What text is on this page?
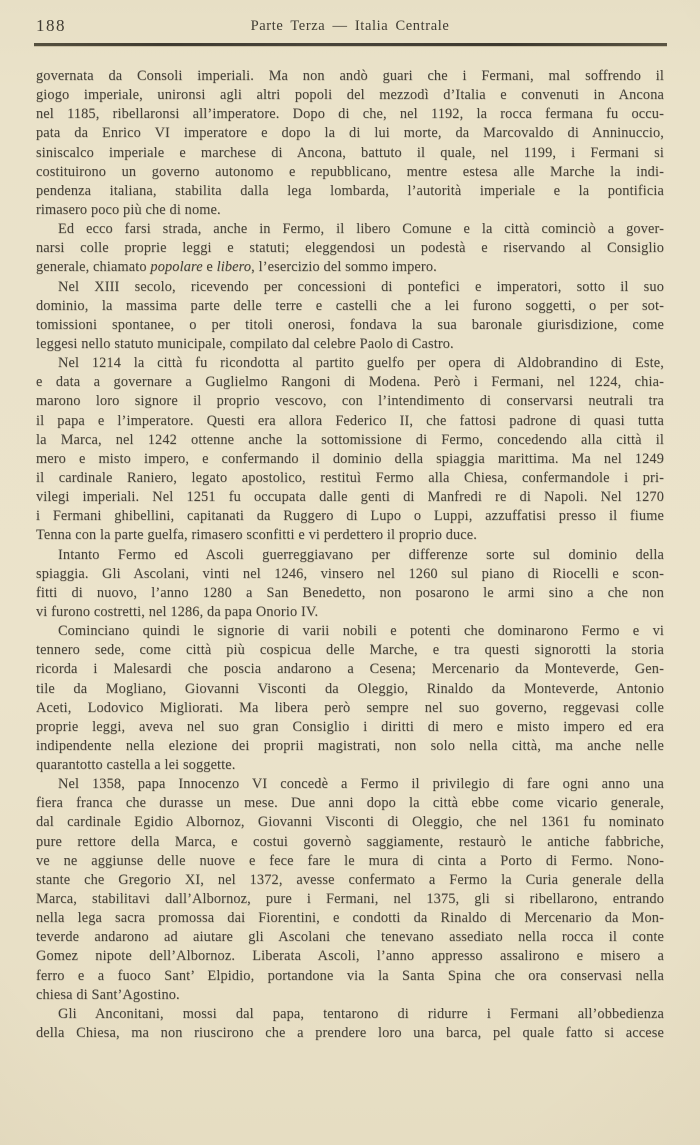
188	Parte Terza — Italia Centrale
governata da Consoli imperiali. Ma non andò guari che i Fermani, mal soffrendo il
giogo imperiale, unironsi agli altri popoli del mezzodì d’Italia e convenuti in Ancona
nel 1185, ribellaronsi all’imperatore. Dopo di che, nel 1192, la rocca fermana fu occu-
pata da Enrico VI imperatore e dopo la di lui morte, da Marcovaldo di Anninuccio,
siniscalco imperiale e marchese di Ancona, battuto il quale, nel 1199, i Fermani si
costituirono un governo autonomo e repubblicano, mentre estesa alle Marche la indi-
pendenza italiana, stabilita dalla lega lombarda, l’autorità imperiale e la pontificia
rimasero poco più che di nome.
Ed ecco farsi strada, anche in Fermo, il libero Comune e la città cominciò a gover-
narsi colle proprie leggi e statuti; eleggendosi un podestà e riservando al Consiglio
generale, chiamato popolare e libero, l’esercizio del sommo impero.
Nel XIII secolo, ricevendo per concessioni di pontefici e imperatori, sotto il suo
dominio, la massima parte delle terre e castelli che a lei furono soggetti, o per sot-
tomissioni spontanee, o per titoli onerosi, fondava la sua baronale giurisdizione, come
leggesi nello statuto municipale, compilato dal celebre Paolo di Castro.
Nel 1214 la città fu ricondotta al partito guelfo per opera di Aldobrandino di Este,
e data a governare a Guglielmo Rangoni di Modena. Però i Fermani, nel 1224, chia-
marono loro signore il proprio vescovo, con l’intendimento di conservarsi neutrali tra
il papa e l’imperatore. Questi era allora Federico II, che fattosi padrone di quasi tutta
la Marca, nel 1242 ottenne anche la sottomissione di Fermo, concedendo alla città il
mero e misto impero, e confermando il dominio della spiaggia marittima. Ma nel 1249
il cardinale Raniero, legato apostolico, restituì Fermo alla Chiesa, confermandole i pri-
vilegi imperiali. Nel 1251 fu occupata dalle genti di Manfredi re di Napoli. Nel 1270
i Fermani ghibellini, capitanati da Ruggero di Lupo o Luppi, azzuffatisi presso il fiume
Tenna con la parte guelfa, rimasero sconfitti e vi perdettero il proprio duce.
Intanto Fermo ed Ascoli guerreggiavano per differenze sorte sul dominio della
spiaggia. Gli Ascolani, vinti nel 1246, vinsero nel 1260 sul piano di Riocelli e scon-
fitti di nuovo, l’anno 1280 a San Benedetto, non posarono le armi sino a che non
vi furono costretti, nel 1286, da papa Onorio IV.
Cominciano quindi le signorie di varii nobili e potenti che dominarono Fermo e vi
tennero sede, come città più cospicua delle Marche, e tra questi signorotti la storia
ricorda i Malesardi che poscia andarono a Cesena; Mercenario da Monteverde, Gen-
tile da Mogliano, Giovanni Visconti da Oleggio, Rinaldo da Monteverde, Antonio
Aceti, Lodovico Migliorati. Ma libera però sempre nel suo governo, reggevasi colle
proprie leggi, aveva nel suo gran Consiglio i diritti di mero e misto impero ed era
indipendente nella elezione dei proprii magistrati, non solo nella città, ma anche nelle
quarantotto castella a lei soggette.
Nel 1358, papa Innocenzo VI concedè a Fermo il privilegio di fare ogni anno una
fiera franca che durasse un mese. Due anni dopo la città ebbe come vicario generale,
dal cardinale Egidio Albornoz, Giovanni Visconti di Oleggio, che nel 1361 fu nominato
pure rettore della Marca, e costui governò saggiamente, restaurò le antiche fabbriche,
ve ne aggiunse delle nuove e fece fare le mura di cinta a Porto di Fermo. Nono-
stante che Gregorio XI, nel 1372, avesse confermato a Fermo la Curia generale della
Marca, stabilitavi dall’Albornoz, pure i Fermani, nel 1375, gli si ribellarono, entrando
nella lega sacra promossa dai Fiorentini, e condotti da Rinaldo di Mercenario da Mon-
teverde andarono ad aiutare gli Ascolani che tenevano assediato nella rocca il conte
Gomez nipote dell’Albornoz. Liberata Ascoli, l’anno appresso assalirono e misero a
ferro e a fuoco Sant’ Elpidio, portandone via la Santa Spina che ora conservasi nella
chiesa di Sant’Agostino.
Gli Anconitani, mossi dal papa, tentarono di ridurre i Fermani all’obbedienza
della Chiesa, ma non riuscirono che a prendere loro una barca, pel quale fatto si accese
